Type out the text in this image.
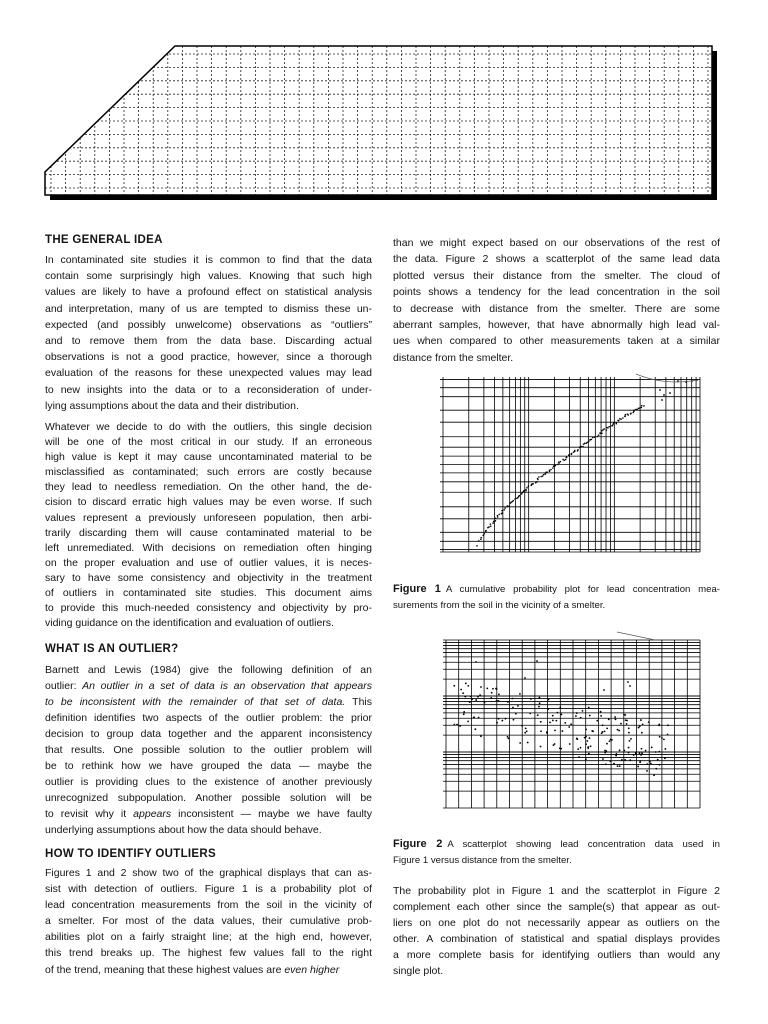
THE GENERAL IDEA
In contaminated site studies it is common to find that the data
contain some surprisingly high values. Knowing that such high
values are likely to have a profound effect on statistical analysis
and interpretation, many of us are tempted to dismiss these un-
expected (and possibly unwelcome) observations as “outliers”
and to remove them from the data base. Discarding actual
observations is not a good practice, however, since a thorough
evaluation of the reasons for these unexpected values may lead
to new insights into the data or to a reconsideration of under-
lying assumptions about the data and their distribution.
Whatever we decide to do with the outliers, this single decision
will be one of the most critical in our study. If an erroneous
high value is kept it may cause uncontaminated material to be
misclassified as contaminated; such errors are costly because
they lead to needless remediation. On the other hand, the de-
cision to discard erratic high values may be even worse. If such
values represent a previously unforeseen population, then arbi-
trarily discarding them will cause contaminated material to be
left unremediated. With decisions on remediation often hinging
on the proper evaluation and use of outlier values, it is neces-
sary to have some consistency and objectivity in the treatment
of outliers in contaminated site studies. This document aims
to provide this much-needed consistency and objectivity by pro-
viding guidance on the identification and evaluation of outliers.
WHAT IS AN OUTLIER?
Barnett and Lewis (1984) give the following definition of an
outlier: An outlier in a set of data is an observation that appears
to be inconsistent with the remainder of that set of data. This
definition identifies two aspects of the outlier problem: the prior
decision to group data together and the apparent inconsistency
that results. One possible solution to the outlier problem will
be to rethink how we have grouped the data — maybe the
outlier is providing clues to the existence of another previously
unrecognized subpopulation. Another possible solution will be
to revisit why it appears inconsistent — maybe we have faulty
underlying assumptions about how the data should behave.
HOW TO IDENTIFY OUTLIERS
Figures 1 and 2 show two of the graphical displays that can as-
sist with detection of outliers. Figure 1 is a probability plot of
lead concentration measurements from the soil in the vicinity of
a smelter. For most of the data values, their cumulative prob-
abilities plot on a fairly straight line; at the high end, however,
this trend breaks up. The highest few values fall to the right
of the trend, meaning that these highest values are even higher
than we might expect based on our observations of the rest of
the data. Figure 2 shows a scatterplot of the same lead data
plotted versus their distance from the smelter. The cloud of
points shows a tendency for the lead concentration in the soil
to decrease with distance from the smelter. There are some
aberrant samples, however, that have abnormally high lead val-
ues when compared to other measurements taken at a similar
distance from the smelter.
Figure 1 A cumulative probability plot for lead concentration mea-
surements from the soil in the vicinity of a smelter.
Figure 2 A scatterplot showing lead concentration data used in
Figure 1 versus distance from the smelter.
The probability plot in Figure 1 and the scatterplot in Figure 2
complement each other since the sample(s) that appear as out-
liers on one plot do not necessarily appear as outliers on the
other. A combination of statistical and spatial displays provides
a more complete basis for identifying outliers than would any
single plot.
